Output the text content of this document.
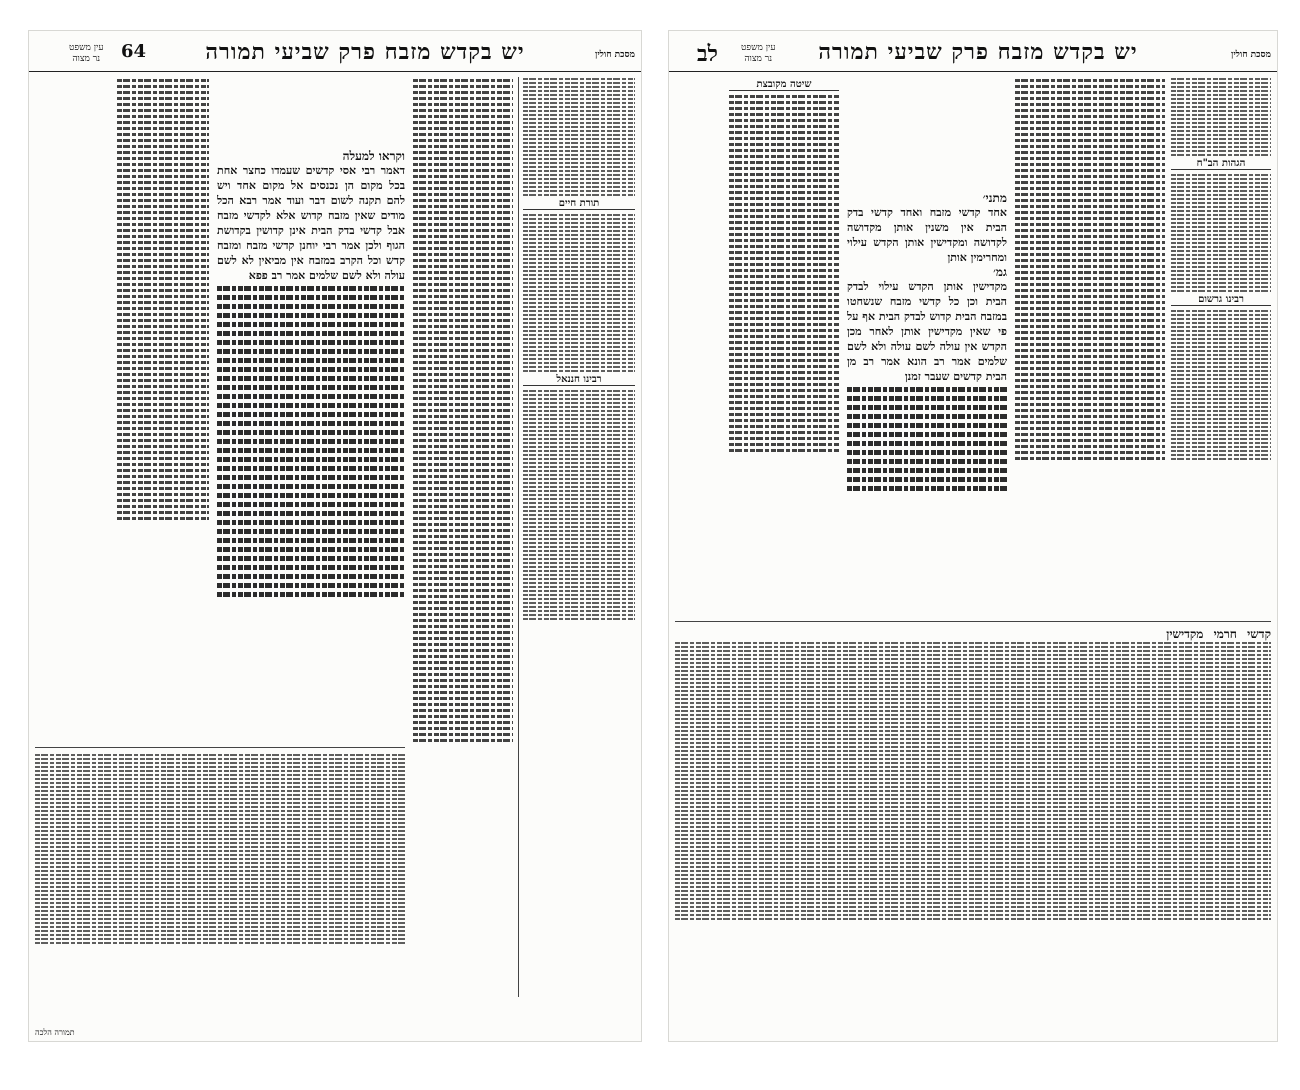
מסכת חולין
יש בקדש מזבח פרק שביעי תמורה
64
עין משפט
נר מצוה
תורת חיים
רבינו חננאל
וקראו למעלה
דאמר רבי אסי קדשים שעמדו כחצר אחת בכל מקום הן נכנסים אל מקום אחד ויש להם תקנה לשום דבר ועוד אמר רבא הכל מודים שאין מזבח קדוש אלא לקדשי מזבח אבל קדשי בדק הבית אינן קדושין בקדושת הגוף ולכן אמר רבי יוחנן קדשי מזבח ומזבח קדש וכל הקרב במזבח אין מביאין לא לשם עולה ולא לשם שלמים אמר רב פפא
תמורה הלכה
מסכת חולין
יש בקדש מזבח פרק שביעי תמורה
לב	עין משפט
נר מצוה
הגהות הב"ח
רבינו גרשום
מתני׳
אחד קדשי מזבח ואחד קדשי בדק הבית אין משנין אותן מקדושה לקדושה ומקדישין אותן הקדש עילוי ומחרימין אותן
גמ׳
מקדישין אותן הקדש עילוי לבדק הבית וכן כל קדשי מזבח שנשחטו במזבח הבית קדוש לבדק הבית אף על פי שאין מקדישין אותן לאחר מכן הקדש אין עולה לשם עולה ולא לשם שלמים אמר רב הונא אמר רב מן הבית קדשים שעבר זמנן
שיטה מקובצת
קדשי חרמי מקדישין
